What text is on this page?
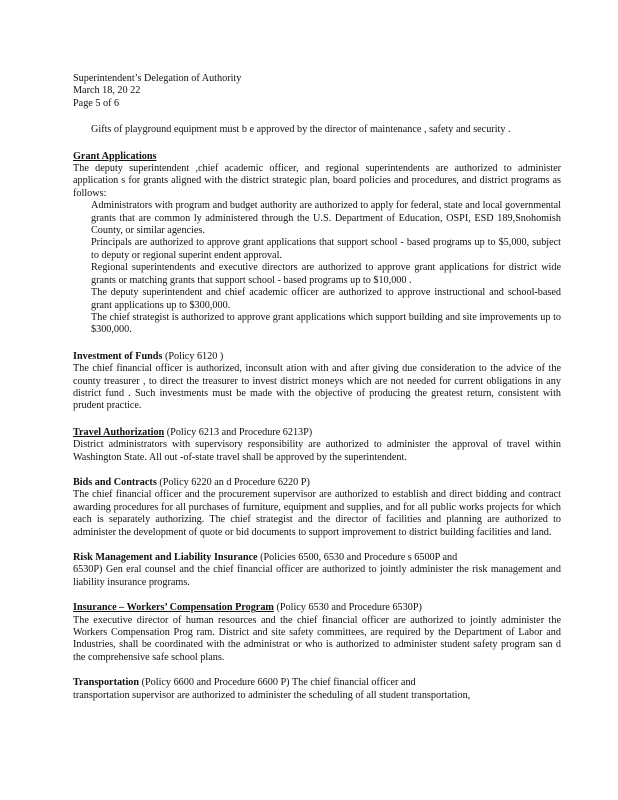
Superintendent’s Delegation of Authority
March 18, 20 22
Page 5 of 6
Gifts of playground equipment must b e approved by the director of maintenance , safety and security .
Grant Applications

The deputy superintendent ,chief academic officer, and regional superintendents are authorized to administer application s for grants aligned with the district strategic plan, board policies and procedures, and district programs as follows:

Administrators with program and budget authority are authorized to apply for federal, state and local governmental grants that are common ly administered through the U.S. Department of Education, OSPI, ESD 189,Snohomish County, or similar agencies.
Principals are authorized to approve grant applications that support school - based programs up to $5,000, subject to deputy or regional superint endent approval.
Regional superintendents and executive directors are authorized to approve grant applications for district wide grants or matching grants that support school - based programs up to $10,000 .
The deputy superintendent and chief academic officer are authorized to approve instructional and school-based grant applications up to $300,000.
The chief strategist is authorized to approve grant applications which support building and site improvements up to $300,000.
Investment of Funds (Policy 6120 )

The chief financial officer is authorized, inconsult ation with and after giving due consideration to the advice of the county treasurer , to direct the treasurer to invest district moneys which are not needed for current obligations in any district fund . Such investments must be made with the objective of producing the greatest return, consistent with prudent practice.

Travel Authorization (Policy 6213 and Procedure 6213P)

District administrators with supervisory responsibility are authorized to administer the approval of travel within Washington State. All out -of-state travel shall be approved by the superintendent.

Bids and Contracts (Policy 6220 an d Procedure 6220 P)

The chief financial officer and the procurement supervisor are authorized to establish and direct bidding and contract awarding procedures for all purchases of furniture, equipment and supplies, and for all public works projects for which each is separately authorizing. The chief strategist and the director of facilities and planning are authorized to administer the development of quote or bid documents to support improvement to district building facilities and land.

Risk Management and Liability Insurance (Policies 6500, 6530 and Procedure s 6500P and

6530P) Gen eral counsel and the chief financial officer are authorized to jointly administer the risk management and liability insurance programs.

Insurance – Workers’ Compensation Program (Policy 6530 and Procedure 6530P)

The executive director of human resources and the chief financial officer are authorized to jointly administer the Workers Compensation Prog ram. District and site safety committees, are required by the Department of Labor and Industries, shall be coordinated with the administrat or who is authorized to administer student safety program san d the comprehensive safe school plans.

Transportation (Policy 6600 and Procedure 6600 P) The chief financial officer and

transportation supervisor are authorized to administer the scheduling of all student transportation,
